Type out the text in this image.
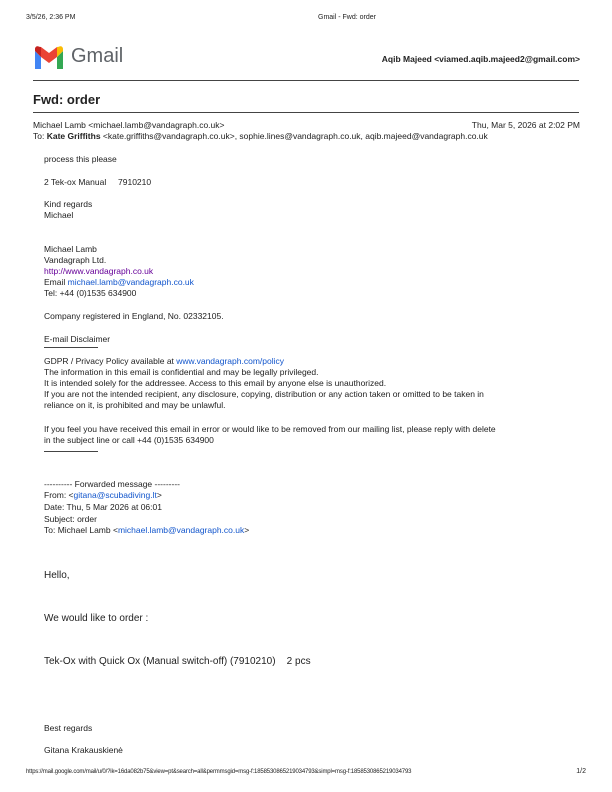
3/5/26, 2:36 PM	Gmail - Fwd: order
Gmail	Aqib Majeed <viamed.aqib.majeed2@gmail.com>
Fwd: order
Michael Lamb <michael.lamb@vandagraph.co.uk>	Thu, Mar 5, 2026 at 2:02 PM
To: Kate Griffiths <kate.griffiths@vandagraph.co.uk>, sophie.lines@vandagraph.co.uk, aqib.majeed@vandagraph.co.uk
process this please
2 Tek-ox Manual     7910210
Kind regards
Michael
Michael Lamb
Vandagraph Ltd.
http://www.vandagraph.co.uk
Email michael.lamb@vandagraph.co.uk
Tel: +44 (0)1535 634900
Company registered in England, No. 02332105.
E-mail Disclaimer
GDPR / Privacy Policy available at www.vandagraph.com/policy
The information in this email is confidential and may be legally privileged.
It is intended solely for the addressee. Access to this email by anyone else is unauthorized.
If you are not the intended recipient, any disclosure, copying, distribution or any action taken or omitted to be taken in
reliance on it, is prohibited and may be unlawful.
If you feel you have received this email in error or would like to be removed from our mailing list, please reply with delete
in the subject line or call +44 (0)1535 634900
---------- Forwarded message ---------
From: <gitana@scubadiving.lt>
Date: Thu, 5 Mar 2026 at 06:01
Subject: order
To: Michael Lamb <michael.lamb@vandagraph.co.uk>
Hello,
We would like to order :
Tek-Ox with Quick Ox (Manual switch-off) (7910210)    2 pcs
Best regards
Gitana Krakauskienė
https://mail.google.com/mail/u/0/?ik=16da082b75&view=pt&search=all&permmsgid=msg-f:1858530865219034793&simpl=msg-f:1858530865219034793	1/2
